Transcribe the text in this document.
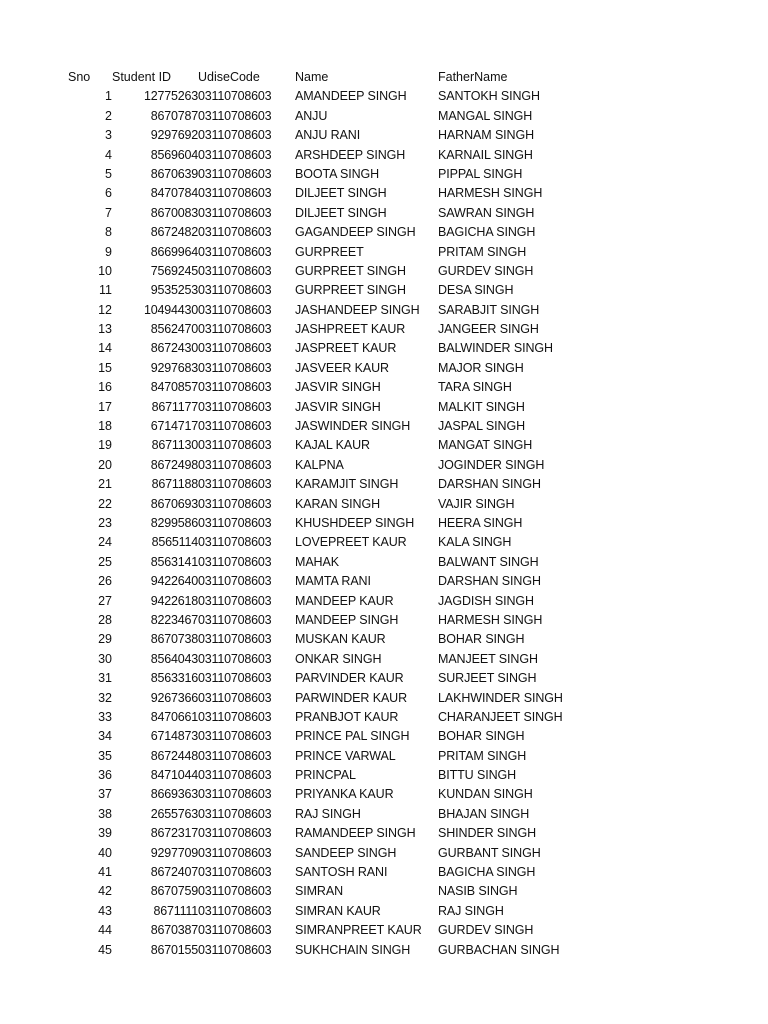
Sno Student ID UdiseCode	Name	FatherName
1	12775263 03110708603	AMANDEEP SINGH	SANTOKH SINGH
2	8670787 03110708603	ANJU	MANGAL SINGH
3	9297692 03110708603	ANJU RANI	HARNAM SINGH
4	8569604 03110708603	ARSHDEEP SINGH	KARNAIL SINGH
5	8670639 03110708603	BOOTA SINGH	PIPPAL SINGH
6	8470784 03110708603	DILJEET SINGH	HARMESH SINGH
7	8670083 03110708603	DILJEET SINGH	SAWRAN SINGH
8	8672482 03110708603	GAGANDEEP SINGH	BAGICHA SINGH
9	8669964 03110708603	GURPREET	PRITAM SINGH
10	7569245 03110708603	GURPREET SINGH	GURDEV SINGH
11	9535253 03110708603	GURPREET SINGH	DESA SINGH
12	10494430 03110708603	JASHANDEEP SINGH	SARABJIT SINGH
13	8562470 03110708603	JASHPREET KAUR	JANGEER SINGH
14	8672430 03110708603	JASPREET KAUR	BALWINDER SINGH
15	9297683 03110708603	JASVEER KAUR	MAJOR SINGH
16	8470857 03110708603	JASVIR SINGH	TARA SINGH
17	8671177 03110708603	JASVIR SINGH	MALKIT SINGH
18	6714717 03110708603	JASWINDER SINGH	JASPAL SINGH
19	8671130 03110708603	KAJAL KAUR	MANGAT SINGH
20	8672498 03110708603	KALPNA	JOGINDER SINGH
21	8671188 03110708603	KARAMJIT SINGH	DARSHAN SINGH
22	8670693 03110708603	KARAN SINGH	VAJIR SINGH
23	8299586 03110708603	KHUSHDEEP SINGH	HEERA SINGH
24	8565114 03110708603	LOVEPREET KAUR	KALA SINGH
25	8563141 03110708603	MAHAK	BALWANT SINGH
26	9422640 03110708603	MAMTA RANI	DARSHAN SINGH
27	9422618 03110708603	MANDEEP KAUR	JAGDISH SINGH
28	8223467 03110708603	MANDEEP SINGH	HARMESH SINGH
29	8670738 03110708603	MUSKAN KAUR	BOHAR SINGH
30	8564043 03110708603	ONKAR SINGH	MANJEET SINGH
31	8563316 03110708603	PARVINDER KAUR	SURJEET SINGH
32	9267366 03110708603	PARWINDER KAUR	LAKHWINDER SINGH
33	8470661 03110708603	PRANBJOT KAUR	CHARANJEET SINGH
34	6714873 03110708603	PRINCE PAL SINGH	BOHAR SINGH
35	8672448 03110708603	PRINCE VARWAL	PRITAM SINGH
36	8471044 03110708603	PRINCPAL	BITTU SINGH
37	8669363 03110708603	PRIYANKA KAUR	KUNDAN SINGH
38	2655763 03110708603	RAJ SINGH	BHAJAN SINGH
39	8672317 03110708603	RAMANDEEP SINGH	SHINDER SINGH
40	9297709 03110708603	SANDEEP SINGH	GURBANT SINGH
41	8672407 03110708603	SANTOSH RANI	BAGICHA SINGH
42	8670759 03110708603	SIMRAN	NASIB SINGH
43	8671111 03110708603	SIMRAN KAUR	RAJ SINGH
44	8670387 03110708603	SIMRANPREET KAUR	GURDEV SINGH
45	8670155 03110708603	SUKHCHAIN SINGH	GURBACHAN SINGH
